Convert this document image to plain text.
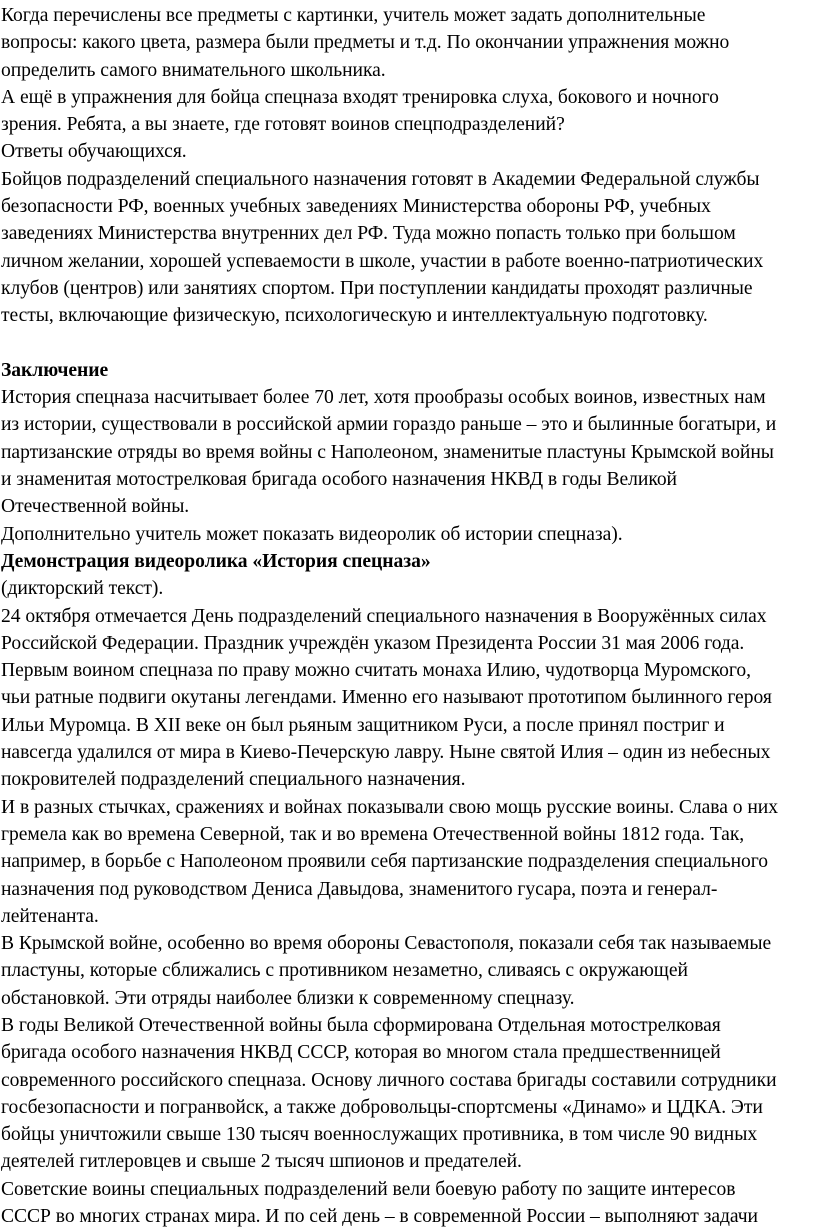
Когда перечислены все предметы с картинки, учитель может задать дополнительные
вопросы: какого цвета, размера были предметы и т.д. По окончании упражнения можно
определить самого внимательного школьника.

А ещё в упражнения для бойца спецназа входят тренировка слуха, бокового и ночного
зрения. Ребята, а вы знаете, где готовят воинов спецподразделений?

Ответы обучающихся.

Бойцов подразделений специального назначения готовят в Академии Федеральной службы
безопасности РФ, военных учебных заведениях Министерства обороны РФ, учебных
заведениях Министерства внутренних дел РФ. Туда можно попасть только при большом
личном желании, хорошей успеваемости в школе, участии в работе военно-патриотических
клубов (центров) или занятиях спортом. При поступлении кандидаты проходят различные
тесты, включающие физическую, психологическую и интеллектуальную подготовку.

Заключение

История спецназа насчитывает более 70 лет, хотя прообразы особых воинов, известных нам
из истории, существовали в российской армии гораздо раньше – это и былинные богатыри, и
партизанские отряды во время войны с Наполеоном, знаменитые пластуны Крымской войны
и знаменитая мотострелковая бригада особого назначения НКВД в годы Великой
Отечественной войны.

Дополнительно учитель может показать видеоролик об истории спецназа).

Демонстрация видеоролика «История спецназа»

(дикторский текст).

24 октября отмечается День подразделений специального назначения в Вооружённых силах
Российской Федерации. Праздник учреждён указом Президента России 31 мая 2006 года.
Первым воином спецназа по праву можно считать монаха Илию, чудотворца Муромского,
чьи ратные подвиги окутаны легендами. Именно его называют прототипом былинного героя
Ильи Муромца. В XII веке он был рьяным защитником Руси, а после принял постриг и
навсегда удалился от мира в Киево-Печерскую лавру. Ныне святой Илия – один из небесных
покровителей подразделений специального назначения.

И в разных стычках, сражениях и войнах показывали свою мощь русские воины. Слава о них
гремела как во времена Северной, так и во времена Отечественной войны 1812 года. Так,
например, в борьбе с Наполеоном проявили себя партизанские подразделения специального
назначения под руководством Дениса Давыдова, знаменитого гусара, поэта и генерал-
лейтенанта.

В Крымской войне, особенно во время обороны Севастополя, показали себя так называемые
пластуны, которые сближались с противником незаметно, сливаясь с окружающей
обстановкой. Эти отряды наиболее близки к современному спецназу.

В годы Великой Отечественной войны была сформирована Отдельная мотострелковая
бригада особого назначения НКВД СССР, которая во многом стала предшественницей
современного российского спецназа. Основу личного состава бригады составили сотрудники
госбезопасности и погранвойск, а также добровольцы-спортсмены «Динамо» и ЦДКА. Эти
бойцы уничтожили свыше 130 тысяч военнослужащих противника, в том числе 90 видных
деятелей гитлеровцев и свыше 2 тысяч шпионов и предателей.

Советские воины специальных подразделений вели боевую работу по защите интересов
СССР во многих странах мира. И по сей день – в современной России – выполняют задачи
